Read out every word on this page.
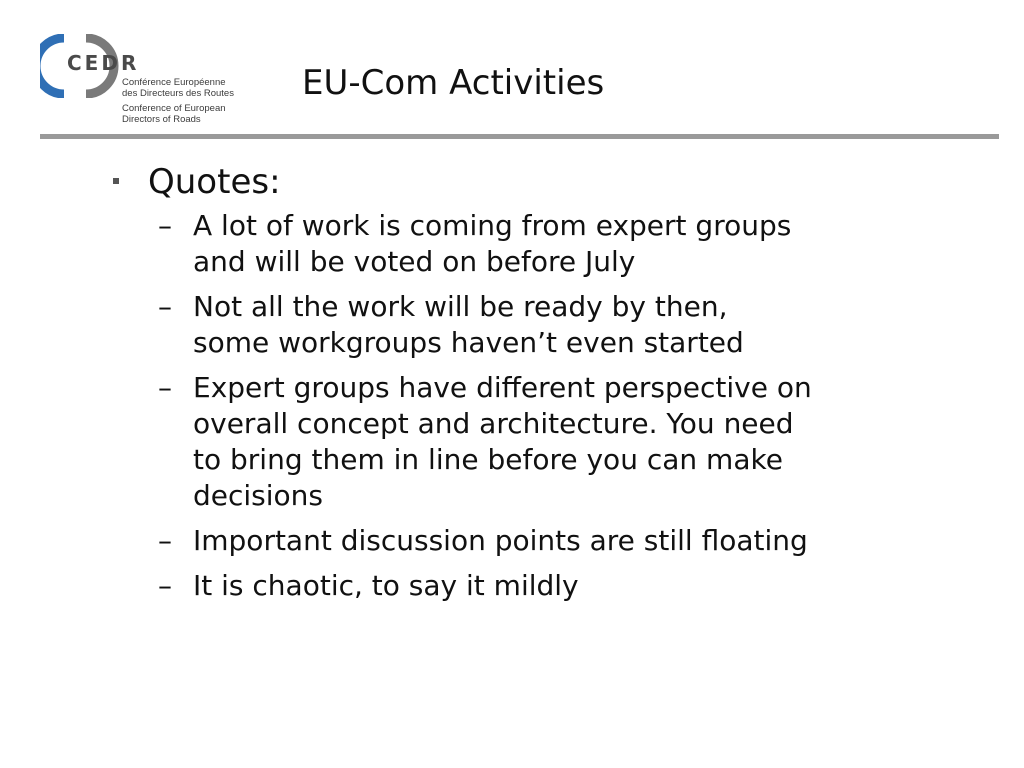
CEDR
Conférence Européenne
des Directeurs des Routes
Conference of European
Directors of Roads
EU-Com Activities
Quotes:
– A lot of work is coming from expert groups
and will be voted on before July
– Not all the work will be ready by then,
some workgroups haven’t even started
– Expert groups have different perspective on
overall concept and architecture. You need
to bring them in line before you can make
decisions
– Important discussion points are still floating
– It is chaotic, to say it mildly
